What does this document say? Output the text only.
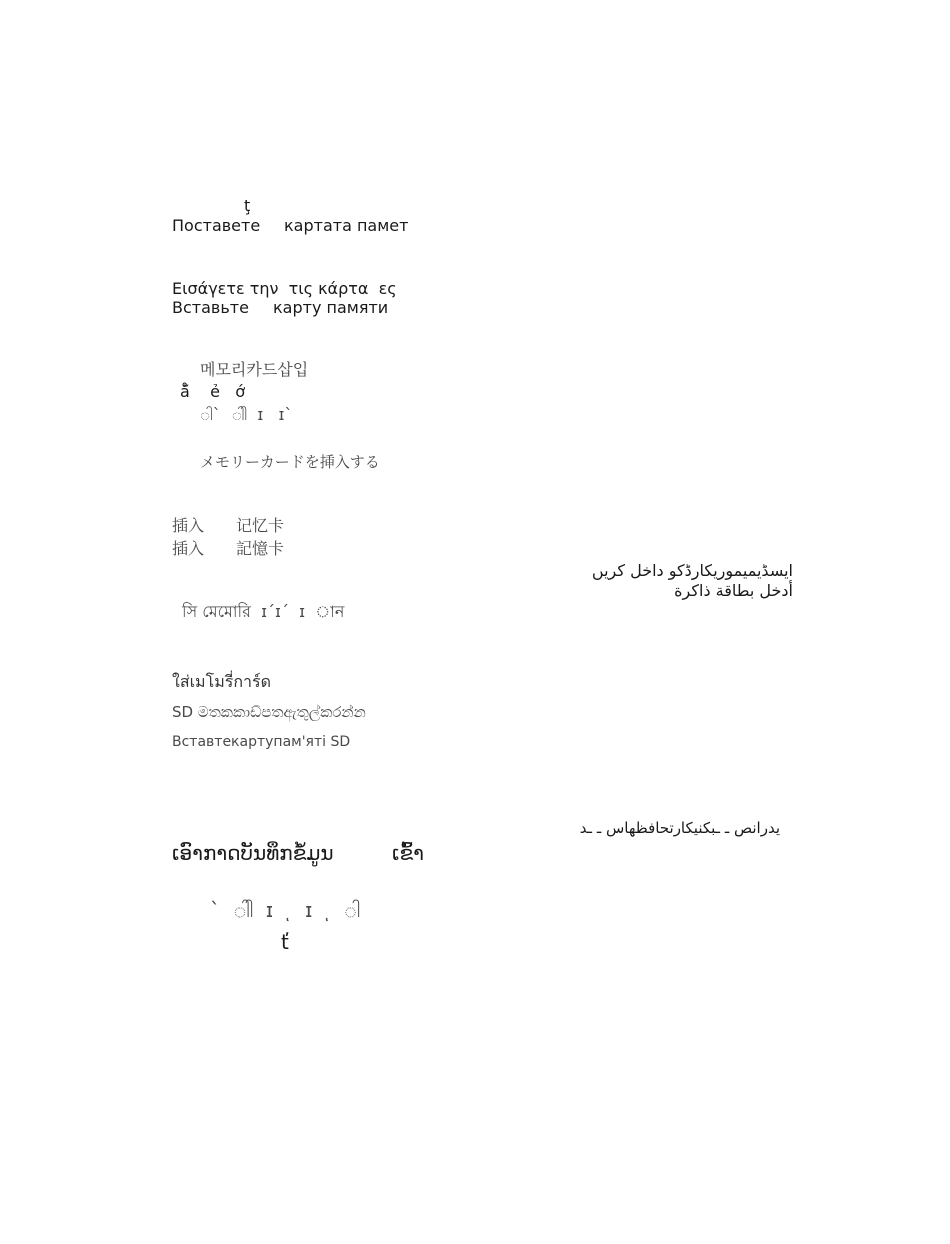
ţ
Поставете картата памет
Εισάγετε την  τις κάρτα  ες
Вставьте карту памяти
메모리카드삽입
å̃    ẻ   ớ
ါ`  ါါ  ɪ   ɪ`
メモリーカードを挿入する
插入 记忆卡
插入 記憶卡
ایسڈیمیموریکارڈکو داخل کریں
أدخل بطاقة ذاكرة
সি মেমোরি  ɪ´ɪ´  ɪ  ান
ใส่เมโมรี่การ์ด
SD මතකකාඩ්පතඇතුල්කරන්න
Вставтекартупам'яті SD
یدرانص ـ ـبکنیکارتحافظهاس ـ ـد
ເອົາກາດບັນທຶກຂໍ້ມູນ	ເຂົ້າ
`  ါါ  ɪ   ͅ  ɪ   ͅ  ါ
ť
